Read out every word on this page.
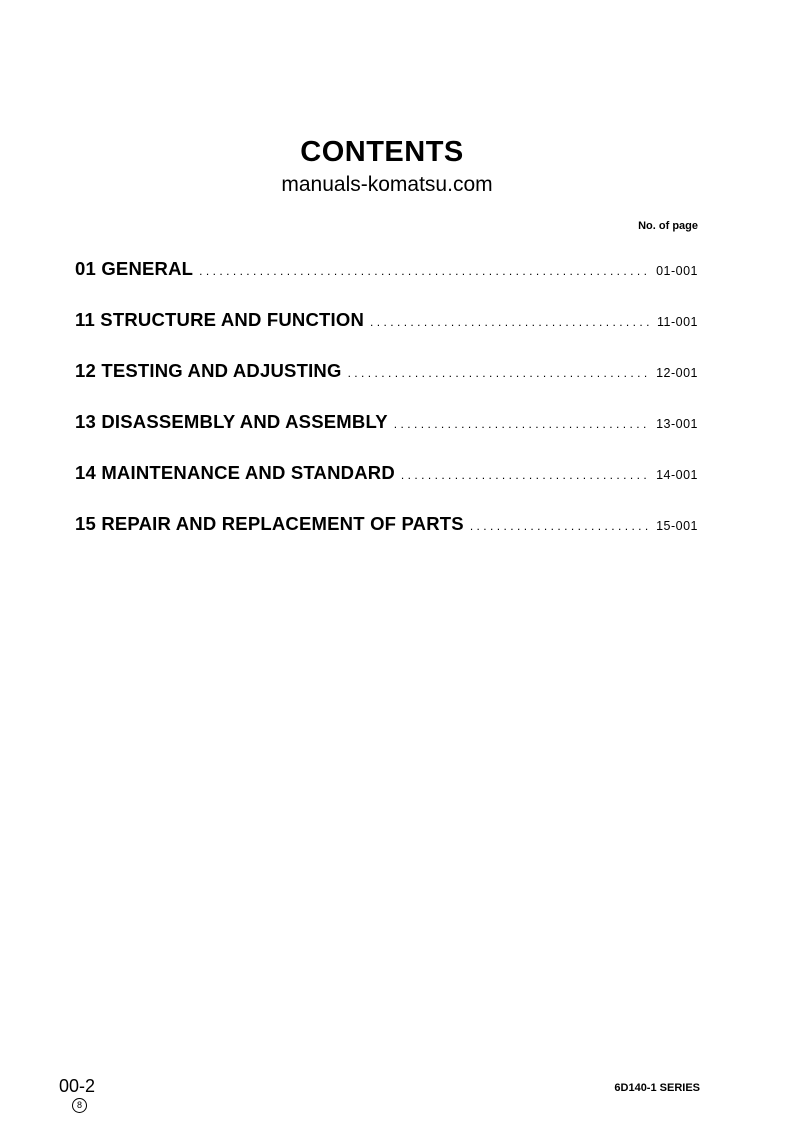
CONTENTS
manuals-komatsu.com
No. of page
01 GENERAL .....	01-001
11 STRUCTURE AND FUNCTION .....	11-001
12 TESTING AND ADJUSTING .....	12-001
13 DISASSEMBLY AND ASSEMBLY .....	13-001
14 MAINTENANCE AND STANDARD .....	14-001
15 REPAIR AND REPLACEMENT OF PARTS .....	15-001
00-2
8
6D140-1 SERIES
